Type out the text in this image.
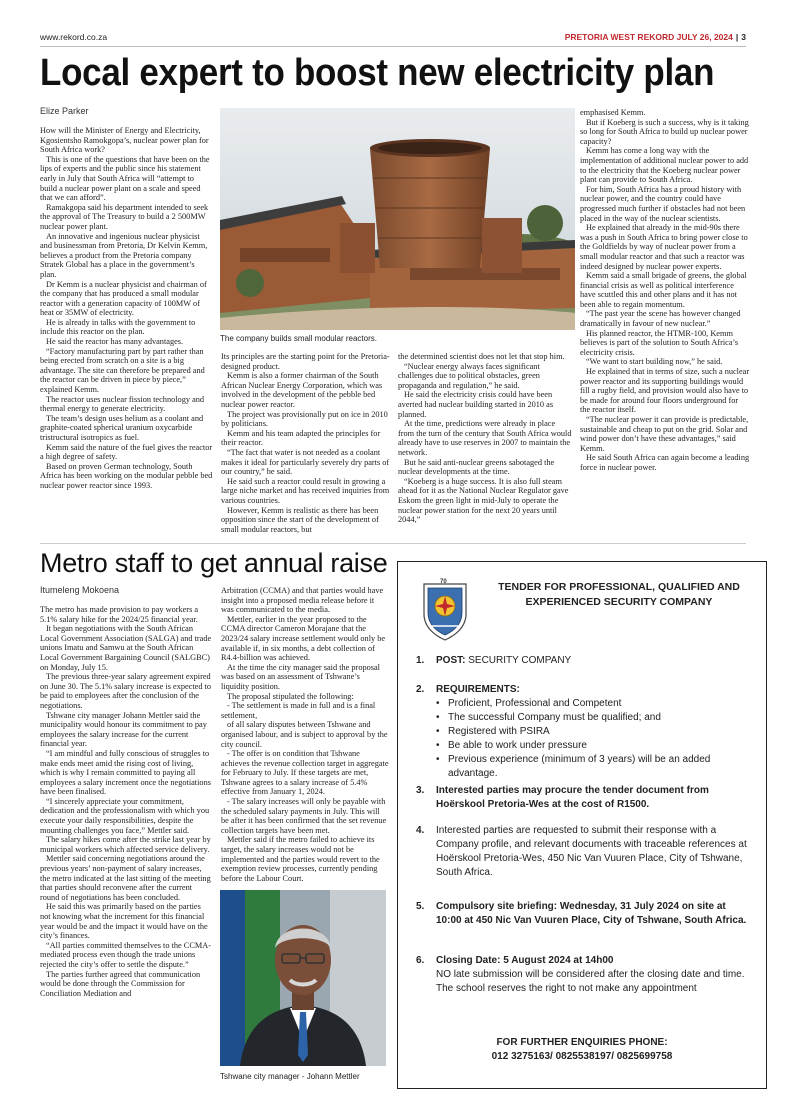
www.rekord.co.za	PRETORIA WEST REKORD JULY 26, 2024 | 3
Local expert to boost new electricity plan
Elize Parker

How will the Minister of Energy and Electricity, Kgosientsho Ramokgopa’s, nuclear power plan for South Africa work?

This is one of the questions that have been on the lips of experts and the public since his statement early in July that South Africa will “attempt to build a nuclear power plant on a scale and speed that we can afford”.

Ramakgopa said his department intended to seek the approval of The Treasury to build a 2 500MW nuclear power plant.

An innovative and ingenious nuclear physicist and businessman from Pretoria, Dr Kelvin Kemm, believes a product from the Pretoria company Stratek Global has a place in the government’s plan.

Dr Kemm is a nuclear physicist and chairman of the company that has produced a small modular reactor with a generation capacity of 100MW of heat or 35MW of electricity.

He is already in talks with the government to include this reactor on the plan.

He said the reactor has many advantages.

“Factory manufacturing part by part rather than being erected from scratch on a site is a big advantage. The site can therefore be prepared and the reactor can be driven in piece by piece,” explained Kemm.

The reactor uses nuclear fission technology and thermal energy to generate electricity.

The team’s design uses helium as a coolant and graphite-coated spherical uranium oxycarbide tristructural isotropics as fuel.

Kemm said the nature of the fuel gives the reactor a high degree of safety.

Based on proven German technology, South Africa has been working on the modular pebble bed nuclear power reactor since 1993.

The company builds small modular reactors.

Its principles are the starting point for the Pretoria-designed product.

Kemm is also a former chairman of the South African Nuclear Energy Corporation, which was involved in the development of the pebble bed nuclear power reactor.

The project was provisionally put on ice in 2010 by politicians.

Kemm and his team adapted the principles for their reactor.

“The fact that water is not needed as a coolant makes it ideal for particularly severely dry parts of our country,” he said.

He said such a reactor could result in growing a large niche market and has received inquiries from various countries.

However, Kemm is realistic as there has been opposition since the start of the development of small modular reactors, but

the determined scientist does not let that stop him.

“Nuclear energy always faces significant challenges due to political obstacles, green propaganda and regulation,” he said.

He said the electricity crisis could have been averted had nuclear building started in 2010 as planned.

At the time, predictions were already in place from the turn of the century that South Africa would already have to use reserves in 2007 to maintain the network.

But he said anti-nuclear greens sabotaged the nuclear developments at the time.

“Koeberg is a huge success. It is also full steam ahead for it as the National Nuclear Regulator gave Eskom the green light in mid-July to operate the nuclear power station for the next 20 years until 2044,”

emphasised Kemm.

But if Koeberg is such a success, why is it taking so long for South Africa to build up nuclear power capacity?

Kemm has come a long way with the implementation of additional nuclear power to add to the electricity that the Koeberg nuclear power plant can provide to South Africa.

For him, South Africa has a proud history with nuclear power, and the country could have progressed much further if obstacles had not been placed in the way of the nuclear scientists.

He explained that already in the mid-90s there was a push in South Africa to bring power close to the Goldfields by way of nuclear power from a small modular reactor and that such a reactor was indeed designed by nuclear power experts.

Kemm said a small brigade of greens, the global financial crisis as well as political interference have scuttled this and other plans and it has not been able to regain momentum.

“The past year the scene has however changed dramatically in favour of new nuclear.”

His planned reactor, the HTMR-100, Kemm believes is part of the solution to South Africa’s electricity crisis.

“We want to start building now,” he said.

He explained that in terms of size, such a nuclear power reactor and its supporting buildings would fill a rugby field, and provision would also have to be made for around four floors underground for the reactor itself.

“The nuclear power it can provide is predictable, sustainable and cheap to put on the grid. Solar and wind power don’t have these advantages,” said Kemm.

He said South Africa can again become a leading force in nuclear power.

Metro staff to get annual raise
Itumeleng Mokoena

The metro has made provision to pay workers a 5.1% salary hike for the 2024/25 financial year.

It began negotiations with the South African Local Government Association (SALGA) and trade unions Imatu and Samwu at the South African Local Government Bargaining Council (SALGBC) on Monday, July 15.

The previous three-year salary agreement expired on June 30. The 5.1% salary increase is expected to be paid to employees after the conclusion of the negotiations.

Tshwane city manager Johann Mettler said the municipality would honour its commitment to pay employees the salary increase for the current financial year.

“I am mindful and fully conscious of struggles to make ends meet amid the rising cost of living, which is why I remain committed to paying all employees a salary increment once the negotiations have been finalised.

“I sincerely appreciate your commitment, dedication and the professionalism with which you execute your daily responsibilities, despite the mounting challenges you face,” Mettler said.

The salary hikes come after the strike last year by municipal workers which affected service delivery.

Mettler said concerning negotiations around the previous years’ non-payment of salary increases, the metro indicated at the last sitting of the meeting that parties should reconvene after the current round of negotiations has been concluded.

He said this was primarily based on the parties not knowing what the increment for this financial year would be and the impact it would have on the city’s finances.

“All parties committed themselves to the CCMA-mediated process even though the trade unions rejected the city’s offer to settle the dispute.”

The parties further agreed that communication would be done through the Commission for Conciliation Mediation and

Arbitration (CCMA) and that parties would have insight into a proposed media release before it was communicated to the media.

Mettler, earlier in the year proposed to the CCMA director Cameron Morajane that the 2023/24 salary increase settlement would only be available if, in six months, a debt collection of R4.4-billion was achieved.

At the time the city manager said the proposal was based on an assessment of Tshwane’s liquidity position.

The proposal stipulated the following:

- The settlement is made in full and is a final settlement,

of all salary disputes between Tshwane and organised labour, and is subject to approval by the city council.

- The offer is on condition that Tshwane achieves the revenue collection target in aggregate for February to July. If these targets are met, Tshwane agrees to a salary increase of 5.4% effective from January 1, 2024.

- The salary increases will only be payable with the scheduled salary payments in July. This will be after it has been confirmed that the set revenue collection targets have been met.

Mettler said if the metro failed to achieve its target, the salary increases would not be implemented and the parties would revert to the exemption review processes, currently pending before the Labour Court.

Tshwane city manager - Johann Mettler
70	TENDER FOR PROFESSIONAL, QUALIFIED AND EXPERIENCED SECURITY COMPANY
1. POST: SECURITY COMPANY
2. REQUIREMENTS:
• Proficient, Professional and Competent
• The successful Company must be qualified; and
• Registered with PSIRA
• Be able to work under pressure
• Previous experience (minimum of 3 years) will be an added advantage.
3. Interested parties may procure the tender document from Hoërskool Pretoria-Wes at the cost of R1500.
4. Interested parties are requested to submit their response with a Company profile, and relevant documents with traceable references at Hoërskool Pretoria-Wes, 450 Nic Van Vuuren Place, City of Tshwane, South Africa.
5. Compulsory site briefing: Wednesday, 31 July 2024 on site at 10:00 at 450 Nic Van Vuuren Place, City of Tshwane, South Africa.
6. Closing Date: 5 August 2024 at 14h00
NO late submission will be considered after the closing date and time.
The school reserves the right to not make any appointment
FOR FURTHER ENQUIRIES PHONE:
012 3275163/ 0825538197/ 0825699758
